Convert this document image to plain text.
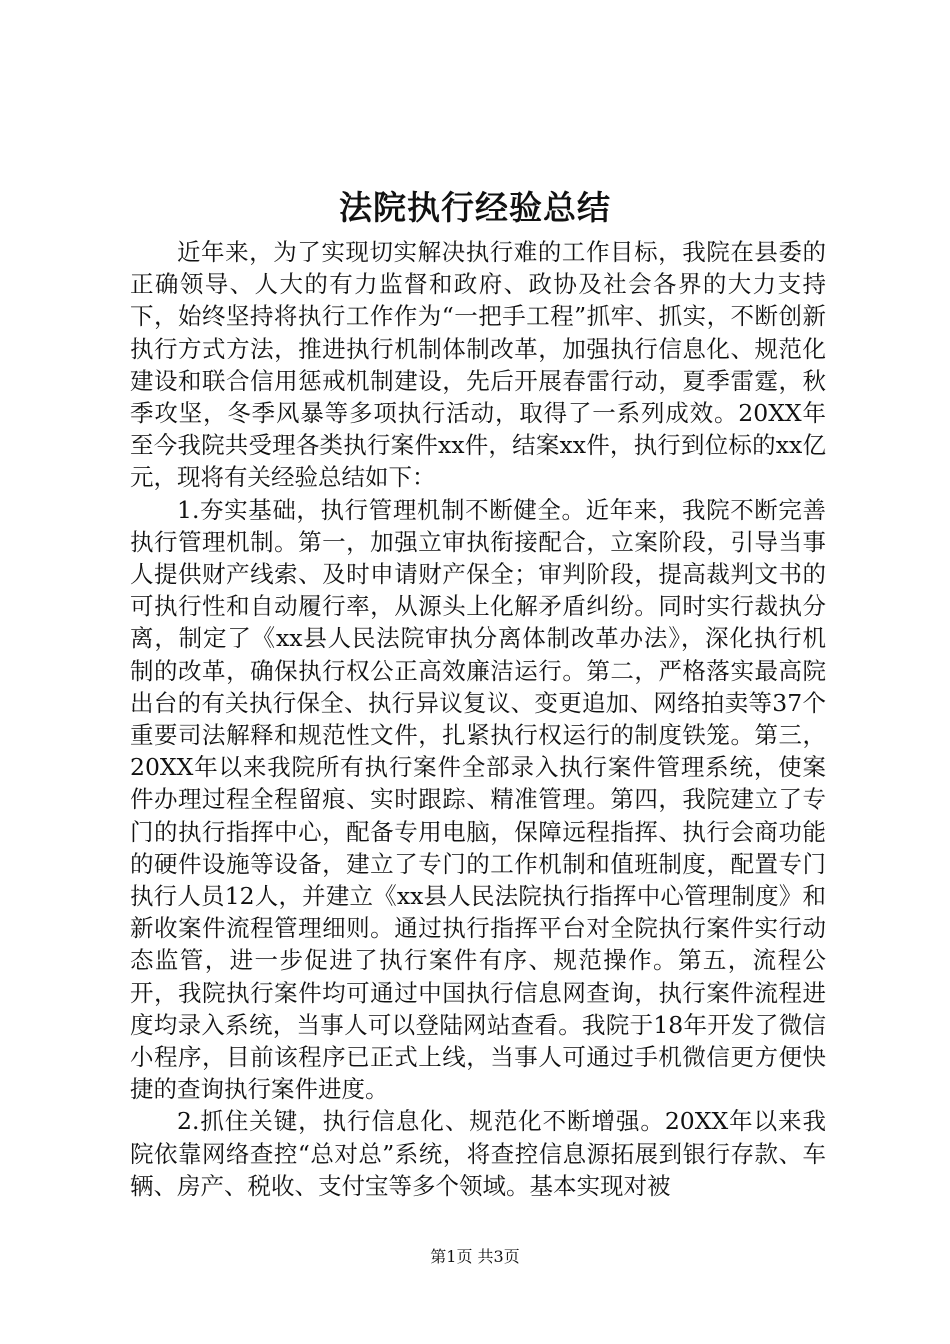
法院执行经验总结

近年来，为了实现切实解决执行难的工作目标，我院在县委的正确领导、人大的有力监督和政府、政协及社会各界的大力支持下，始终坚持将执行工作作为“一把手工程”抓牢、抓实，不断创新执行方式方法，推进执行机制体制改革，加强执行信息化、规范化建设和联合信用惩戒机制建设，先后开展春雷行动，夏季雷霆，秋季攻坚，冬季风暴等多项执行活动，取得了一系列成效。20XX年至今我院共受理各类执行案件xx件，结案xx件，执行到位标的xx亿元，现将有关经验总结如下：

1.夯实基础，执行管理机制不断健全。近年来，我院不断完善执行管理机制。第一，加强立审执衔接配合，立案阶段，引导当事人提供财产线索、及时申请财产保全；审判阶段，提高裁判文书的可执行性和自动履行率，从源头上化解矛盾纠纷。同时实行裁执分离，制定了《xx县人民法院审执分离体制改革办法》，深化执行机制的改革，确保执行权公正高效廉洁运行。第二，严格落实最高院出台的有关执行保全、执行异议复议、变更追加、网络拍卖等37个重要司法解释和规范性文件，扎紧执行权运行的制度铁笼。第三，20XX年以来我院所有执行案件全部录入执行案件管理系统，使案件办理过程全程留痕、实时跟踪、精准管理。第四，我院建立了专门的执行指挥中心，配备专用电脑，保障远程指挥、执行会商功能的硬件设施等设备，建立了专门的工作机制和值班制度，配置专门执行人员12人，并建立《xx县人民法院执行指挥中心管理制度》和新收案件流程管理细则。通过执行指挥平台对全院执行案件实行动态监管，进一步促进了执行案件有序、规范操作。第五，流程公开，我院执行案件均可通过中国执行信息网查询，执行案件流程进度均录入系统，当事人可以登陆网站查看。我院于18年开发了微信小程序，目前该程序已正式上线，当事人可通过手机微信更方便快捷的查询执行案件进度。

2.抓住关键，执行信息化、规范化不断增强。20XX年以来我院依靠网络查控“总对总”系统，将查控信息源拓展到银行存款、车辆、房产、税收、支付宝等多个领域。基本实现对被

第1页 共3页
